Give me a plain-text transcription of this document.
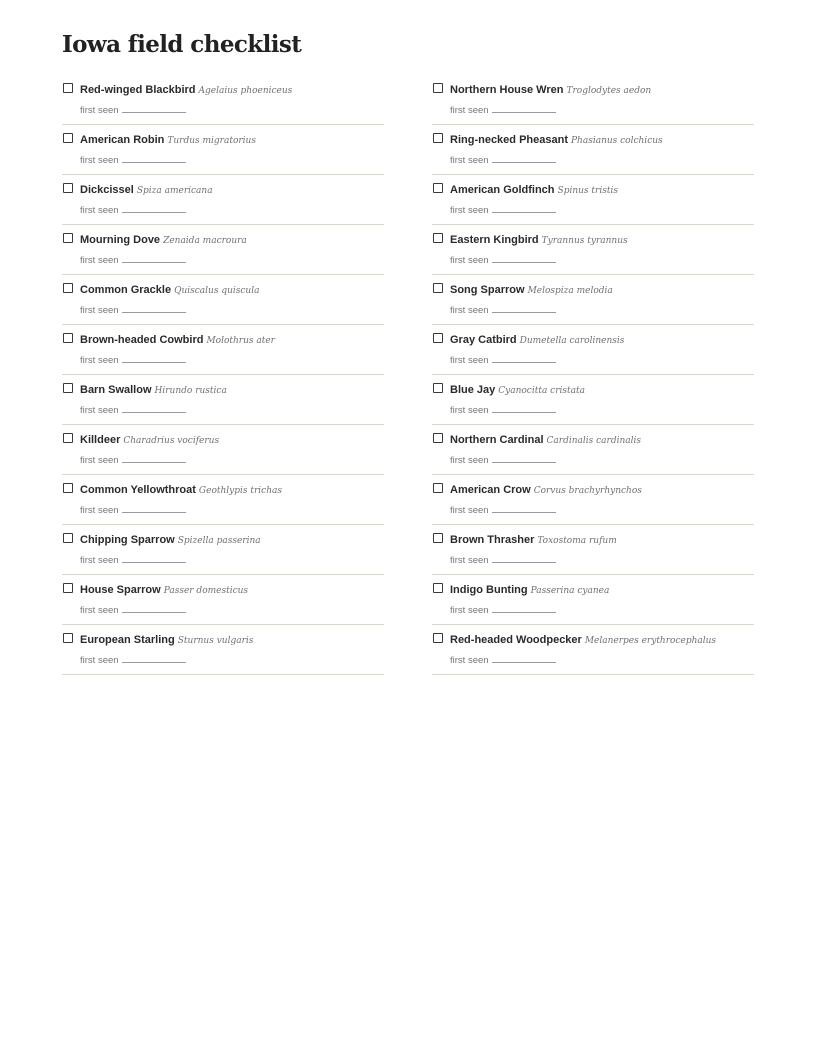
Iowa field checklist
Red-winged Blackbird Agelaius phoeniceus
first seen
American Robin Turdus migratorius
first seen
Dickcissel Spiza americana
first seen
Mourning Dove Zenaida macroura
first seen
Common Grackle Quiscalus quiscula
first seen
Brown-headed Cowbird Molothrus ater
first seen
Barn Swallow Hirundo rustica
first seen
Killdeer Charadrius vociferus
first seen
Common Yellowthroat Geothlypis trichas
first seen
Chipping Sparrow Spizella passerina
first seen
House Sparrow Passer domesticus
first seen
European Starling Sturnus vulgaris
first seen
Northern House Wren Troglodytes aedon
first seen
Ring-necked Pheasant Phasianus colchicus
first seen
American Goldfinch Spinus tristis
first seen
Eastern Kingbird Tyrannus tyrannus
first seen
Song Sparrow Melospiza melodia
first seen
Gray Catbird Dumetella carolinensis
first seen
Blue Jay Cyanocitta cristata
first seen
Northern Cardinal Cardinalis cardinalis
first seen
American Crow Corvus brachyrhynchos
first seen
Brown Thrasher Toxostoma rufum
first seen
Indigo Bunting Passerina cyanea
first seen
Red-headed Woodpecker Melanerpes erythrocephalus
first seen
